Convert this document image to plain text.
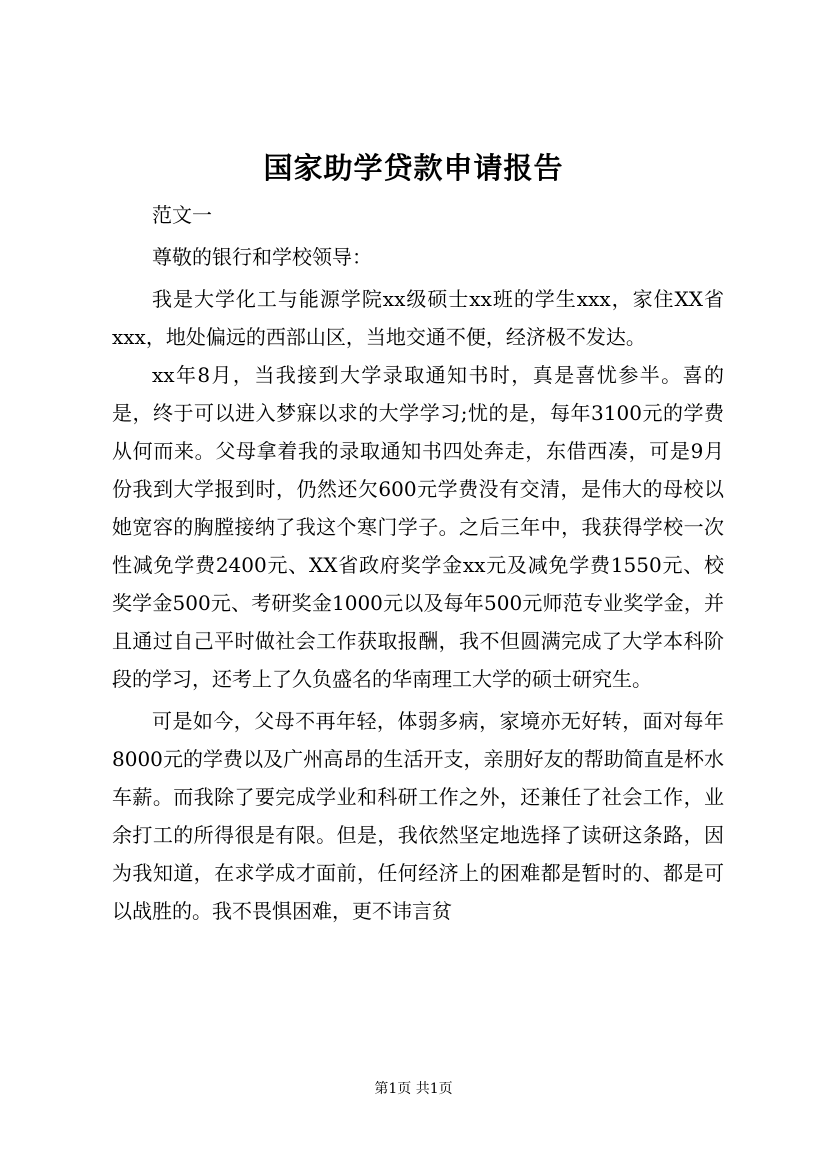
国家助学贷款申请报告

范文一

尊敬的银行和学校领导：

我是大学化工与能源学院xx级硕士xx班的学生xxx，家住XX省xxx，地处偏远的西部山区，当地交通不便，经济极不发达。

xx年8月，当我接到大学录取通知书时，真是喜忧参半。喜的是，终于可以进入梦寐以求的大学学习;忧的是，每年3100元的学费从何而来。父母拿着我的录取通知书四处奔走，东借西凑，可是9月份我到大学报到时，仍然还欠600元学费没有交清，是伟大的母校以她宽容的胸膛接纳了我这个寒门学子。之后三年中，我获得学校一次性减免学费2400元、XX省政府奖学金xx元及减免学费1550元、校奖学金500元、考研奖金1000元以及每年500元师范专业奖学金，并且通过自己平时做社会工作获取报酬，我不但圆满完成了大学本科阶段的学习，还考上了久负盛名的华南理工大学的硕士研究生。

可是如今，父母不再年轻，体弱多病，家境亦无好转，面对每年8000元的学费以及广州高昂的生活开支，亲朋好友的帮助简直是杯水车薪。而我除了要完成学业和科研工作之外，还兼任了社会工作，业余打工的所得很是有限。但是，我依然坚定地选择了读研这条路，因为我知道，在求学成才面前，任何经济上的困难都是暂时的、都是可以战胜的。我不畏惧困难，更不讳言贫

第1页 共1页
